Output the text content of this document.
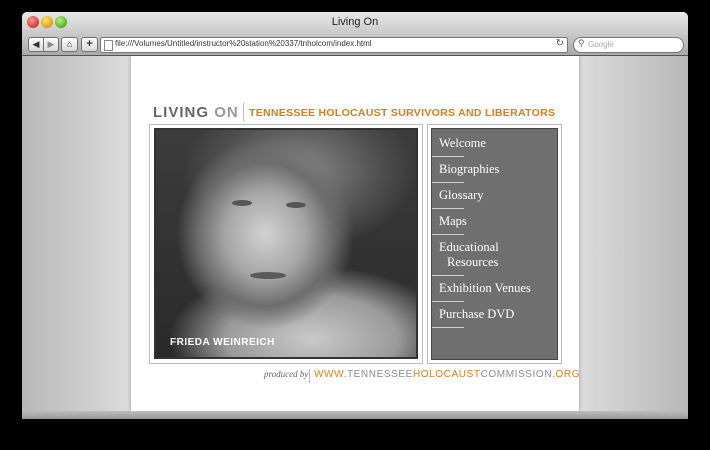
Living On
◀ ▶	⌂	+	file:///Volumes/Untitled/instructor%20station%20337/tnholcom/index.html	↻ ⚲
Google
LIVING ON TENNESSEE HOLOCAUST SURVIVORS AND LIBERATORS
FRIEDA WEINREICH
Welcome
Biographies
Glossary
Maps
Educational
Resources
Exhibition Venues
Purchase DVD
produced by WWW.TENNESSEEHOLOCAUSTCOMMISSION.ORG
